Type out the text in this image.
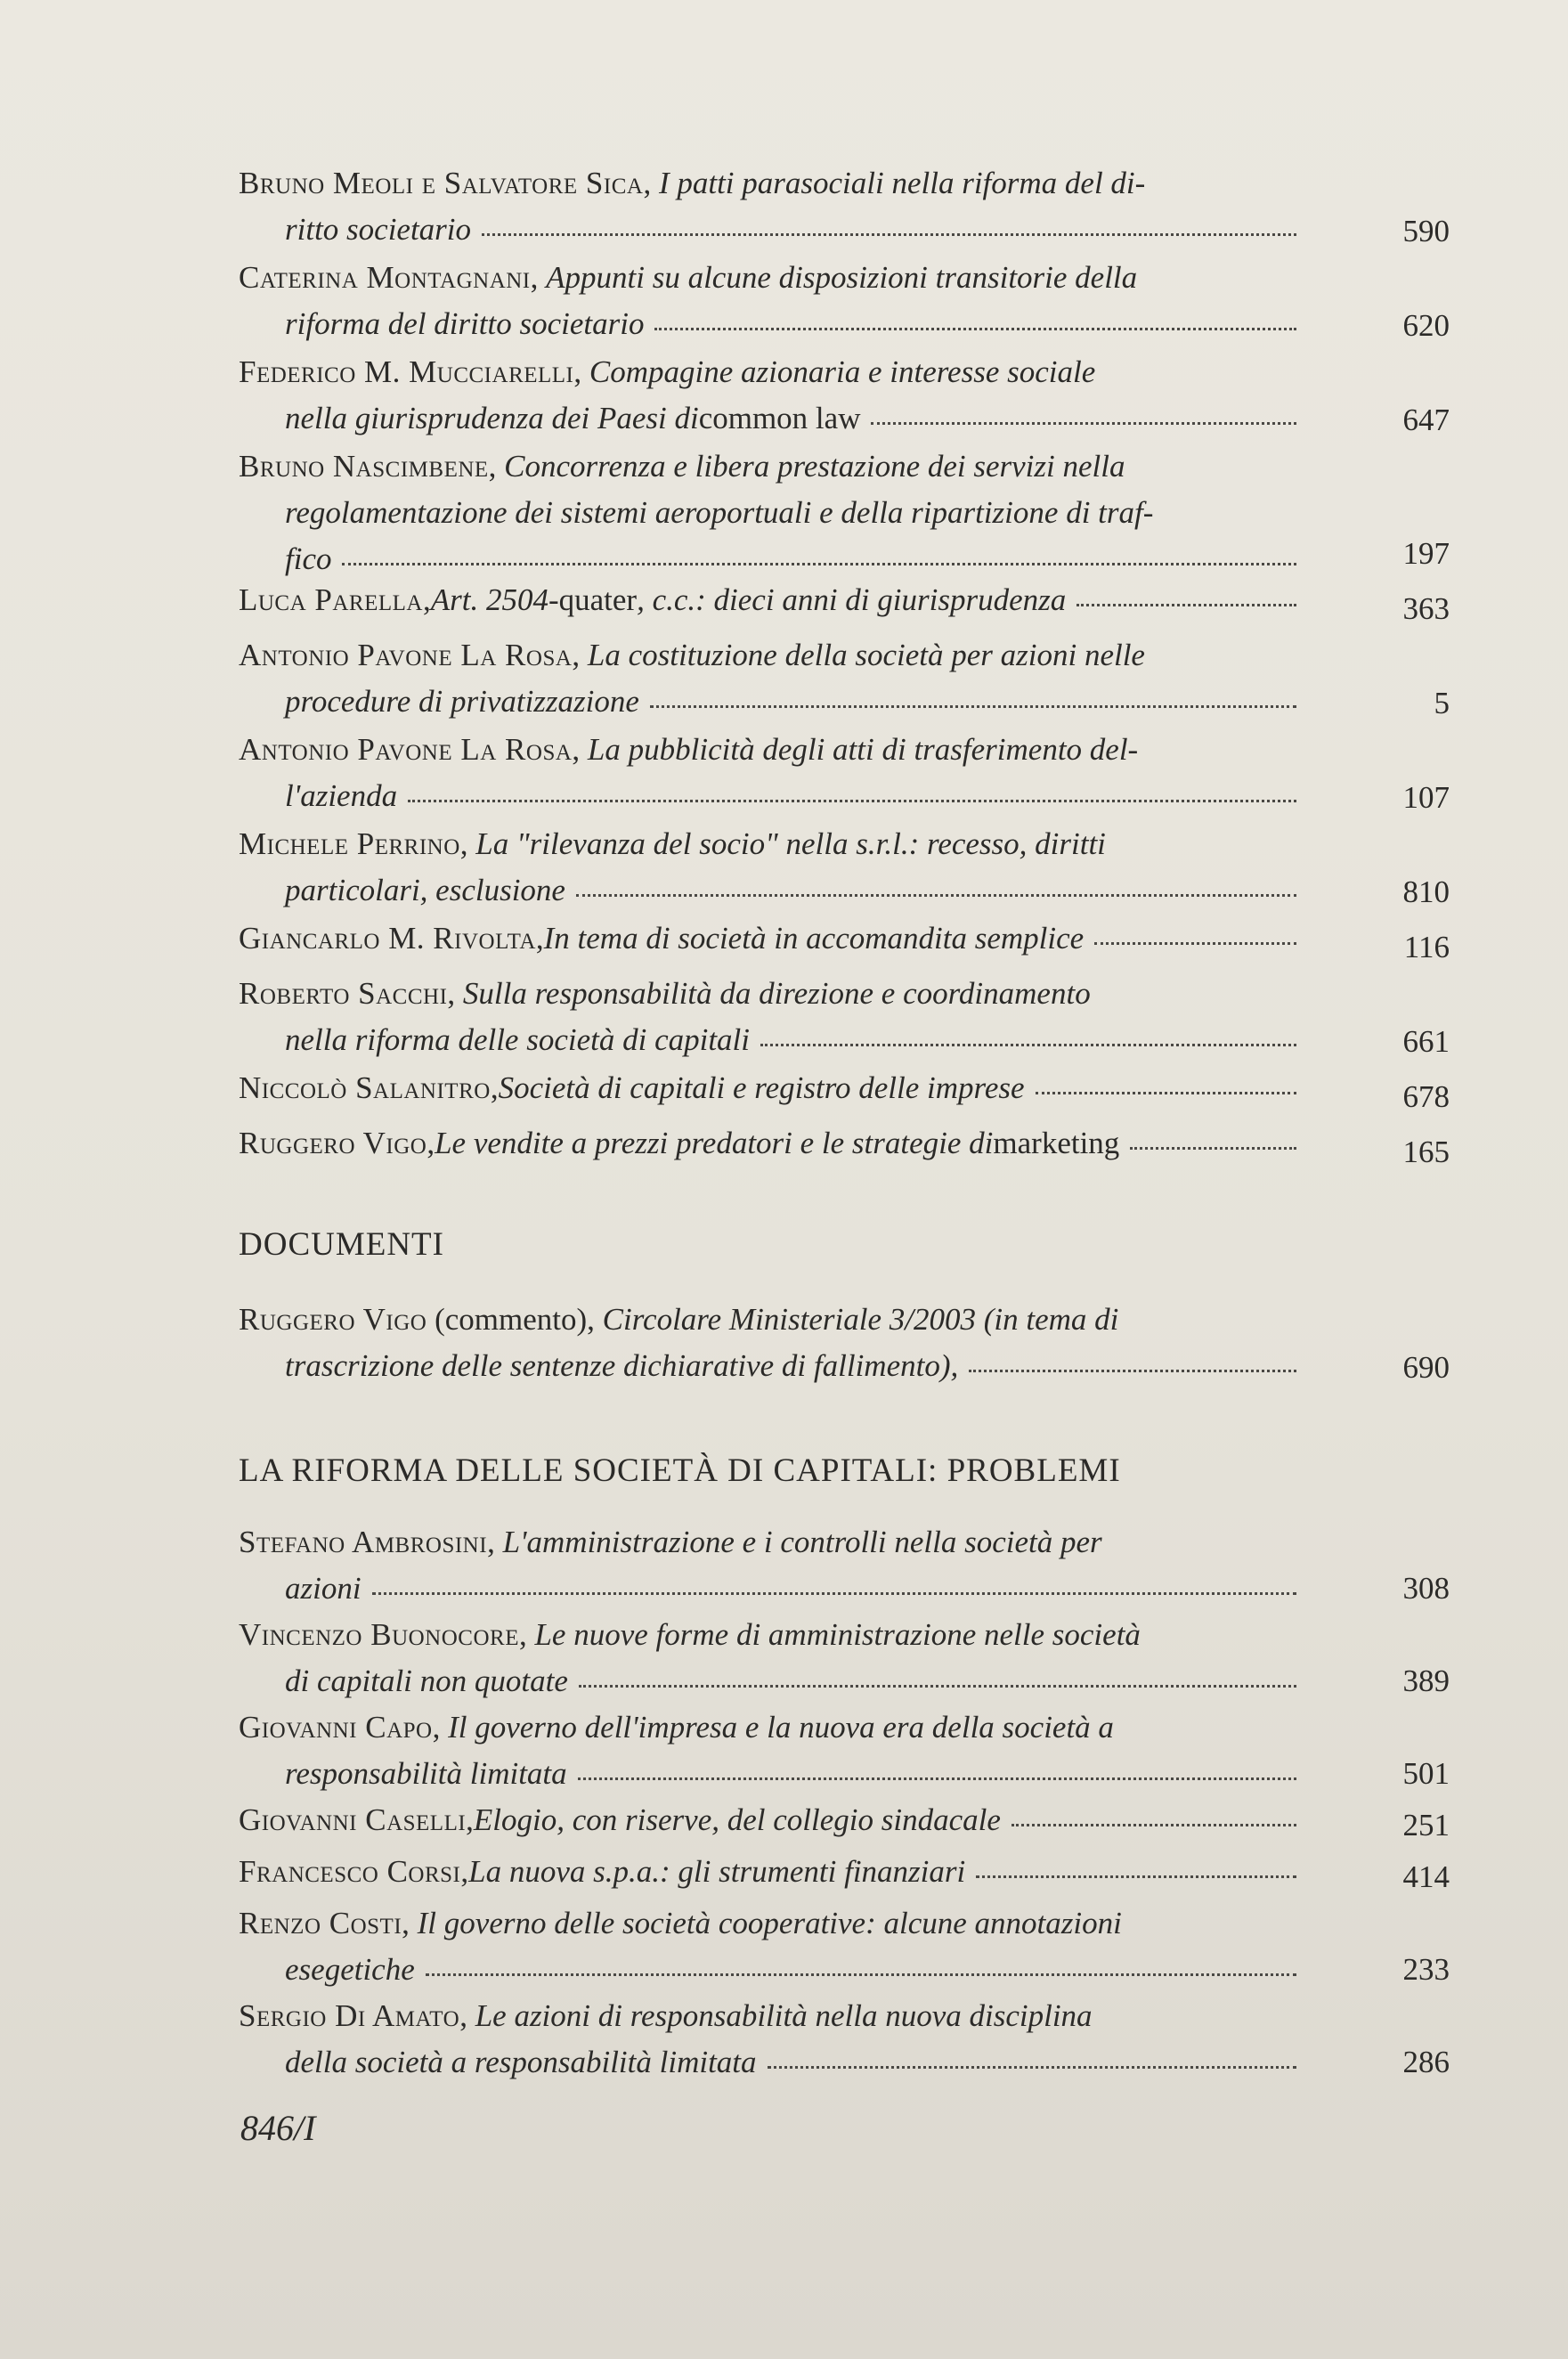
Bruno Meoli e Salvatore Sica, I patti parasociali nella riforma del di-
ritto societario	590
Caterina Montagnani, Appunti su alcune disposizioni transitorie della
riforma del diritto societario	620
Federico M. Mucciarelli, Compagine azionaria e interesse sociale
nella giurisprudenza dei Paesi di common law	647
Bruno Nascimbene, Concorrenza e libera prestazione dei servizi nella
regolamentazione dei sistemi aeroportuali e della ripartizione di traf-
fico	197
Luca Parella , Art. 2504- quater , c.c.: dieci anni di giurisprudenza	363
Antonio Pavone La Rosa, La costituzione della società per azioni nelle
procedure di privatizzazione	5
Antonio Pavone La Rosa, La pubblicità degli atti di trasferimento del-
l'azienda	107
Michele Perrino, La "rilevanza del socio" nella s.r.l.: recesso, diritti
particolari, esclusione	810
Giancarlo M. Rivolta , In tema di società in accomandita semplice	116
Roberto Sacchi, Sulla responsabilità da direzione e coordinamento
nella riforma delle società di capitali	661
Niccolò Salanitro , Società di capitali e registro delle imprese	678
Ruggero Vigo , Le vendite a prezzi predatori e le strategie di marketing	165
DOCUMENTI
Ruggero Vigo (commento), Circolare Ministeriale 3/2003 (in tema di
trascrizione delle sentenze dichiarative di fallimento),	690
LA RIFORMA DELLE SOCIETÀ DI CAPITALI: PROBLEMI
Stefano Ambrosini, L'amministrazione e i controlli nella società per
azioni	308
Vincenzo Buonocore, Le nuove forme di amministrazione nelle società
di capitali non quotate	389
Giovanni Capo, Il governo dell'impresa e la nuova era della società a
responsabilità limitata	501
Giovanni Caselli , Elogio, con riserve, del collegio sindacale	251
Francesco Corsi , La nuova s.p.a.: gli strumenti finanziari	414
Renzo Costi, Il governo delle società cooperative: alcune annotazioni
esegetiche	233
Sergio Di Amato, Le azioni di responsabilità nella nuova disciplina
della società a responsabilità limitata	286
846/I
